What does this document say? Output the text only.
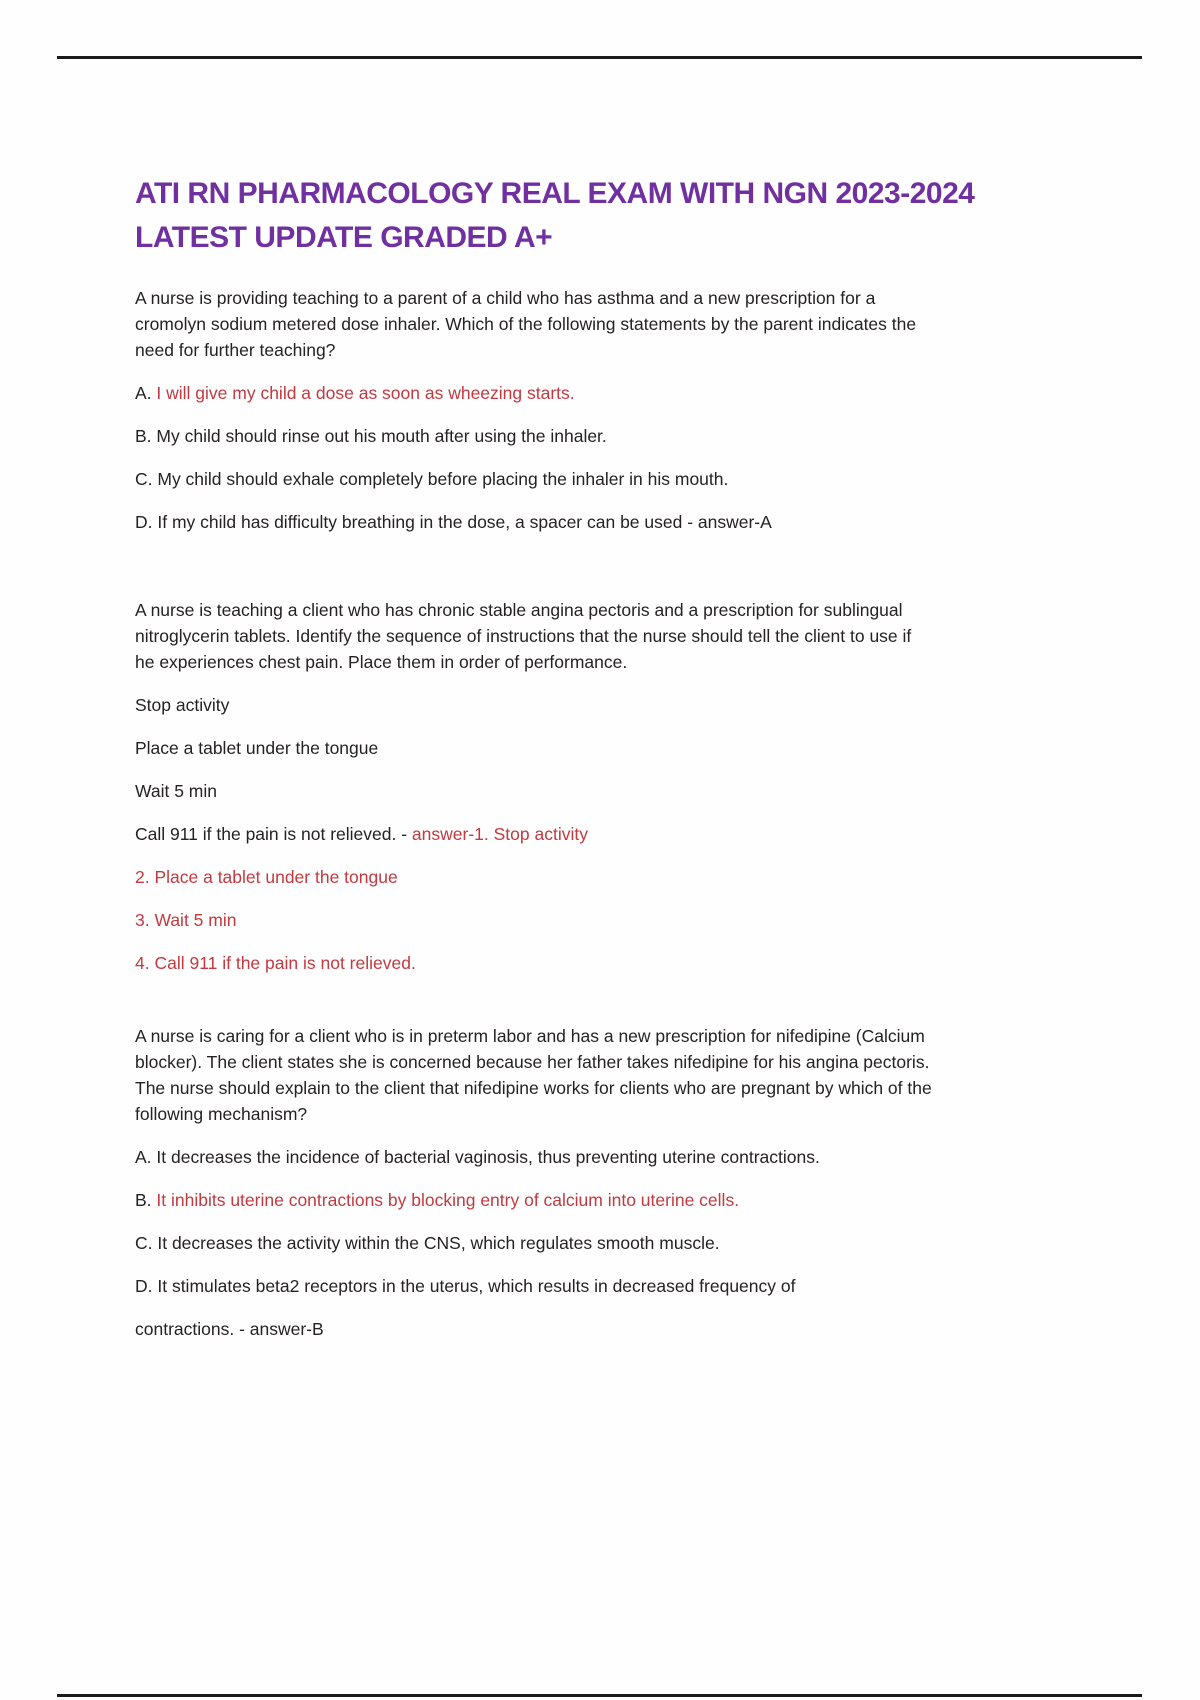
ATI RN PHARMACOLOGY REAL EXAM WITH NGN 2023-2024
LATEST UPDATE GRADED A+
A nurse is providing teaching to a parent of a child who has asthma and a new prescription for a
cromolyn sodium metered dose inhaler. Which of the following statements by the parent indicates the
need for further teaching?

A. I will give my child a dose as soon as wheezing starts.

B. My child should rinse out his mouth after using the inhaler.

C. My child should exhale completely before placing the inhaler in his mouth.

D. If my child has difficulty breathing in the dose, a spacer can be used - answer-A

A nurse is teaching a client who has chronic stable angina pectoris and a prescription for sublingual
nitroglycerin tablets. Identify the sequence of instructions that the nurse should tell the client to use if
he experiences chest pain. Place them in order of performance.

Stop activity

Place a tablet under the tongue

Wait 5 min

Call 911 if the pain is not relieved. - answer-1. Stop activity

2. Place a tablet under the tongue

3. Wait 5 min

4. Call 911 if the pain is not relieved.

A nurse is caring for a client who is in preterm labor and has a new prescription for nifedipine (Calcium
blocker). The client states she is concerned because her father takes nifedipine for his angina pectoris.
The nurse should explain to the client that nifedipine works for clients who are pregnant by which of the
following mechanism?

A. It decreases the incidence of bacterial vaginosis, thus preventing uterine contractions.

B. It inhibits uterine contractions by blocking entry of calcium into uterine cells.

C. It decreases the activity within the CNS, which regulates smooth muscle.

D. It stimulates beta2 receptors in the uterus, which results in decreased frequency of

contractions. - answer-B
